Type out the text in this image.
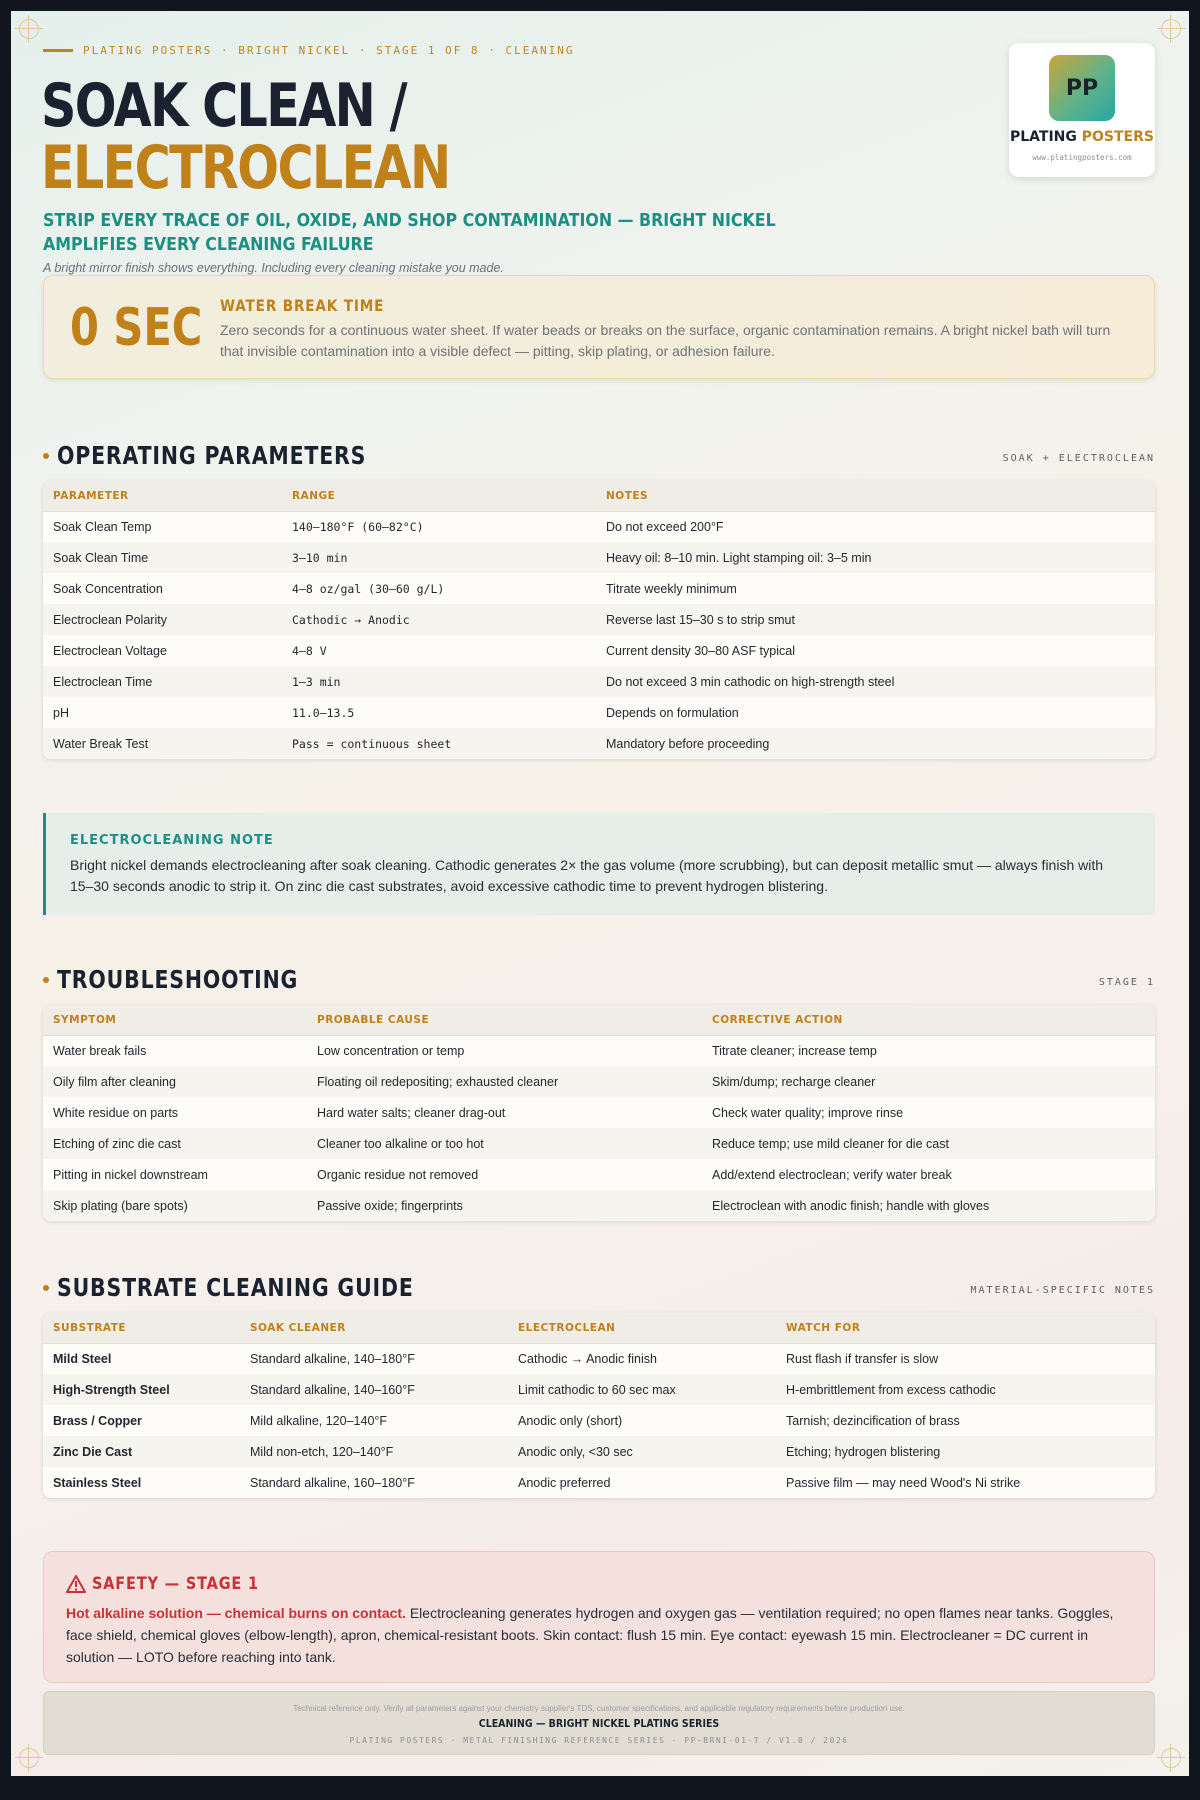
PLATING POSTERS · BRIGHT NICKEL · STAGE 1 OF 8 · CLEANING
SOAK CLEAN /
ELECTROCLEAN
STRIP EVERY TRACE OF OIL, OXIDE, AND SHOP CONTAMINATION — BRIGHT NICKEL AMPLIFIES EVERY CLEANING FAILURE
A bright mirror finish shows everything. Including every cleaning mistake you made.
PP
PLATING POSTERS
www.platingposters.com
0 SEC WATER BREAK TIME
Zero seconds for a continuous water sheet. If water beads or breaks on the surface, organic contamination remains. A bright nickel bath will turn that invisible contamination into a visible defect — pitting, skip plating, or adhesion failure.
OPERATING PARAMETERS	SOAK + ELECTROCLEAN
PARAMETER	RANGE	NOTES
Soak Clean Temp	140–180°F (60–82°C)	Do not exceed 200°F
Soak Clean Time	3–10 min	Heavy oil: 8–10 min. Light stamping oil: 3–5 min
Soak Concentration	4–8 oz/gal (30–60 g/L)	Titrate weekly minimum
Electroclean Polarity	Cathodic → Anodic	Reverse last 15–30 s to strip smut
Electroclean Voltage	4–8 V	Current density 30–80 ASF typical
Electroclean Time	1–3 min	Do not exceed 3 min cathodic on high-strength steel
pH	11.0–13.5	Depends on formulation
Water Break Test	Pass = continuous sheet	Mandatory before proceeding
ELECTROCLEANING NOTE
Bright nickel demands electrocleaning after soak cleaning. Cathodic generates 2× the gas volume (more scrubbing), but can deposit metallic smut — always finish with 15–30 seconds anodic to strip it. On zinc die cast substrates, avoid excessive cathodic time to prevent hydrogen blistering.
TROUBLESHOOTING	STAGE 1
SYMPTOM	PROBABLE CAUSE	CORRECTIVE ACTION
Water break fails	Low concentration or temp	Titrate cleaner; increase temp
Oily film after cleaning	Floating oil redepositing; exhausted cleaner	Skim/dump; recharge cleaner
White residue on parts	Hard water salts; cleaner drag-out	Check water quality; improve rinse
Etching of zinc die cast	Cleaner too alkaline or too hot	Reduce temp; use mild cleaner for die cast
Pitting in nickel downstream	Organic residue not removed	Add/extend electroclean; verify water break
Skip plating (bare spots)	Passive oxide; fingerprints	Electroclean with anodic finish; handle with gloves
SUBSTRATE CLEANING GUIDE	MATERIAL-SPECIFIC NOTES
SUBSTRATE	SOAK CLEANER	ELECTROCLEAN	WATCH FOR
Mild Steel	Standard alkaline, 140–180°F	Cathodic → Anodic finish	Rust flash if transfer is slow
High-Strength Steel	Standard alkaline, 140–160°F	Limit cathodic to 60 sec max	H-embrittlement from excess cathodic
Brass / Copper	Mild alkaline, 120–140°F	Anodic only (short)	Tarnish; dezincification of brass
Zinc Die Cast	Mild non-etch, 120–140°F	Anodic only, <30 sec	Etching; hydrogen blistering
Stainless Steel	Standard alkaline, 160–180°F	Anodic preferred	Passive film — may need Wood's Ni strike
SAFETY — STAGE 1
Hot alkaline solution — chemical burns on contact. Electrocleaning generates hydrogen and oxygen gas — ventilation required; no open flames near tanks. Goggles, face shield, chemical gloves (elbow-length), apron, chemical-resistant boots. Skin contact: flush 15 min. Eye contact: eyewash 15 min. Electrocleaner = DC current in solution — LOTO before reaching into tank.
Technical reference only. Verify all parameters against your chemistry supplier's TDS, customer specifications, and applicable regulatory requirements before production use.
CLEANING — BRIGHT NICKEL PLATING SERIES
PLATING POSTERS · METAL FINISHING REFERENCE SERIES · PP-BRNI-01-T / V1.0 / 2026
